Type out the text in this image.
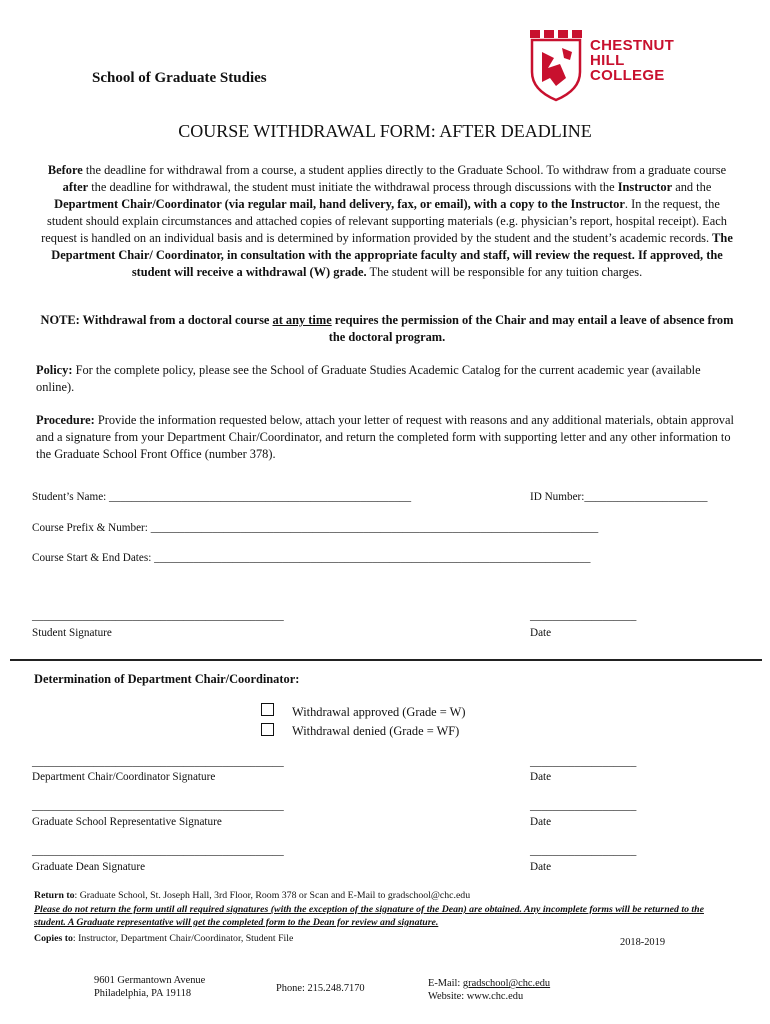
School of Graduate Studies
CHESTNUT
HILL
COLLEGE
COURSE WITHDRAWAL FORM: AFTER DEADLINE
Before the deadline for withdrawal from a course, a student applies directly to the Graduate School. To withdraw from a graduate course after the deadline for withdrawal, the student must initiate the withdrawal process through discussions with the Instructor and the Department Chair/Coordinator (via regular mail, hand delivery, fax, or email), with a copy to the Instructor. In the request, the student should explain circumstances and attached copies of relevant supporting materials (e.g. physician’s report, hospital receipt). Each request is handled on an individual basis and is determined by information provided by the student and the student’s academic records. The Department Chair/ Coordinator, in consultation with the appropriate faculty and staff, will review the request. If approved, the student will receive a withdrawal (W) grade. The student will be responsible for any tuition charges.
NOTE: Withdrawal from a doctoral course at any time requires the permission of the Chair and may entail a leave of absence from the doctoral program.
Policy: For the complete policy, please see the School of Graduate Studies Academic Catalog for the current academic year (available online).
Procedure: Provide the information requested below, attach your letter of request with reasons and any additional materials, obtain approval and a signature from your Department Chair/Coordinator, and return the completed form with supporting letter and any other information to the Graduate School Front Office (number 378).
Student’s Name: ______________________________________________________	ID Number:______________________
Course Prefix & Number: ________________________________________________________________________________
Course Start & End Dates: ______________________________________________________________________________
_____________________________________________	___________________
Student Signature	Date
Determination of Department Chair/Coordinator:
Withdrawal approved (Grade = W)
Withdrawal denied (Grade = WF)
_____________________________________________	___________________
Department Chair/Coordinator Signature	Date
_____________________________________________	___________________
Graduate School Representative Signature	Date
_____________________________________________	___________________
Graduate Dean Signature	Date
Return to: Graduate School, St. Joseph Hall, 3rd Floor, Room 378 or Scan and E-Mail to gradschool@chc.edu
Please do not return the form until all required signatures (with the exception of the signature of the Dean) are obtained. Any incomplete forms will be returned to the student. A Graduate representative will get the completed form to the Dean for review and signature.
Copies to: Instructor, Department Chair/Coordinator, Student File	2018-2019
9601 Germantown Avenue
Philadelphia, PA 19118	Phone: 215.248.7170	E-Mail: gradschool@chc.edu
Website: www.chc.edu
